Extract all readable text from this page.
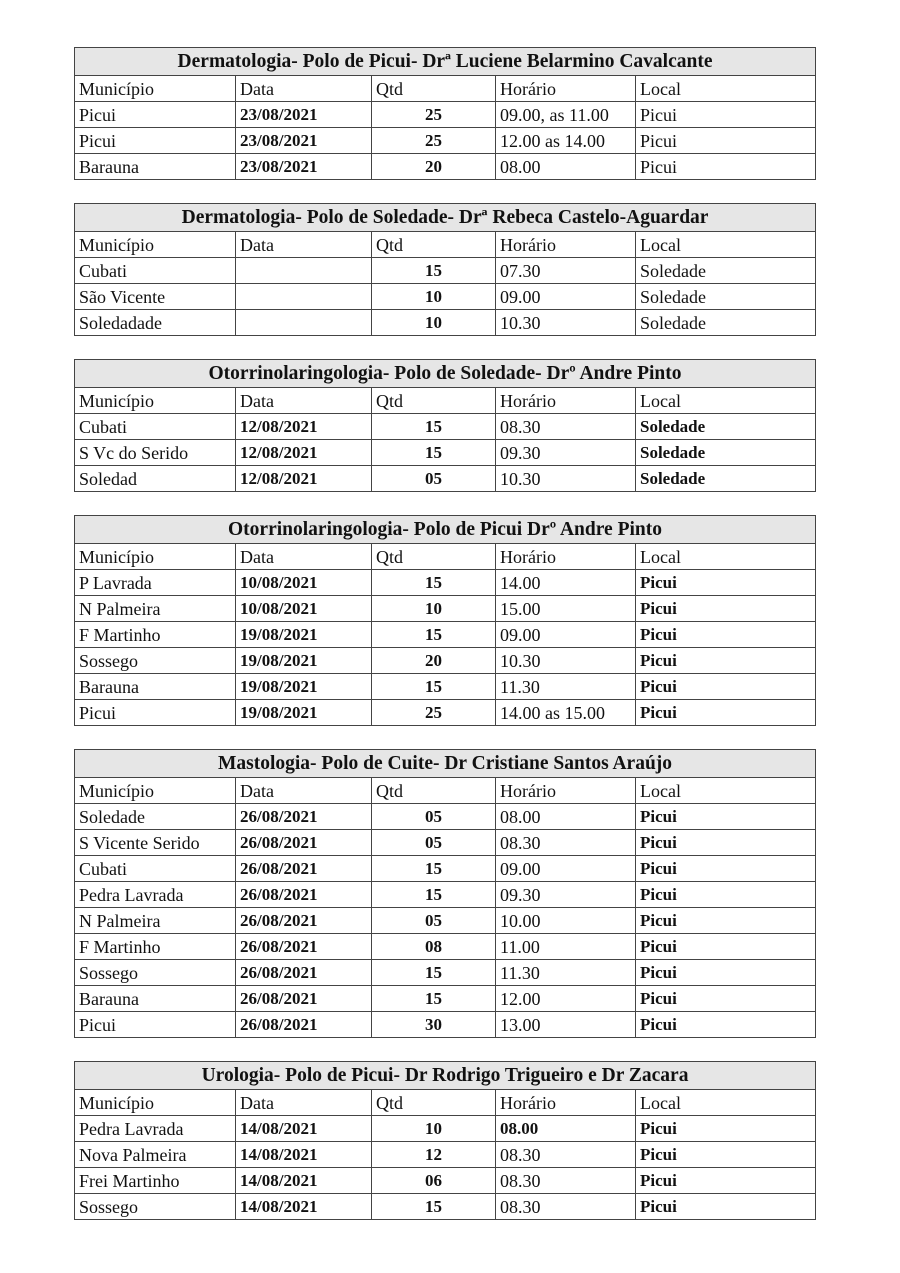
Dermatologia- Polo de Picui- Drª Luciene Belarmino Cavalcante				
Município	Data	Qtd	Horário	Local
Picui	23/08/2021	25	09.00, as 11.00	Picui
Picui	23/08/2021	25	12.00 as 14.00	Picui
Barauna	23/08/2021	20	08.00	Picui
Dermatologia- Polo de Soledade- Drª Rebeca Castelo-Aguardar				
Município	Data	Qtd	Horário	Local
Cubati		15	07.30	Soledade
São Vicente		10	09.00	Soledade
Soledadade		10	10.30	Soledade
Otorrinolaringologia- Polo de Soledade- Drº Andre Pinto				
Município	Data	Qtd	Horário	Local
Cubati	12/08/2021	15	08.30	Soledade
S Vc do Serido	12/08/2021	15	09.30	Soledade
Soledad	12/08/2021	05	10.30	Soledade
Otorrinolaringologia- Polo de Picui Drº Andre Pinto				
Município	Data	Qtd	Horário	Local
P Lavrada	10/08/2021	15	14.00	Picui
N Palmeira	10/08/2021	10	15.00	Picui
F Martinho	19/08/2021	15	09.00	Picui
Sossego	19/08/2021	20	10.30	Picui
Barauna	19/08/2021	15	11.30	Picui
Picui	19/08/2021	25	14.00 as 15.00	Picui
Mastologia- Polo de Cuite- Dr Cristiane Santos Araújo				
Município	Data	Qtd	Horário	Local
Soledade	26/08/2021	05	08.00	Picui
S Vicente Serido	26/08/2021	05	08.30	Picui
Cubati	26/08/2021	15	09.00	Picui
Pedra Lavrada	26/08/2021	15	09.30	Picui
N Palmeira	26/08/2021	05	10.00	Picui
F Martinho	26/08/2021	08	11.00	Picui
Sossego	26/08/2021	15	11.30	Picui
Barauna	26/08/2021	15	12.00	Picui
Picui	26/08/2021	30	13.00	Picui
Urologia- Polo de Picui- Dr Rodrigo Trigueiro e Dr Zacara				
Município	Data	Qtd	Horário	Local
Pedra Lavrada	14/08/2021	10	08.00	Picui
Nova Palmeira	14/08/2021	12	08.30	Picui
Frei Martinho	14/08/2021	06	08.30	Picui
Sossego	14/08/2021	15	08.30	Picui
